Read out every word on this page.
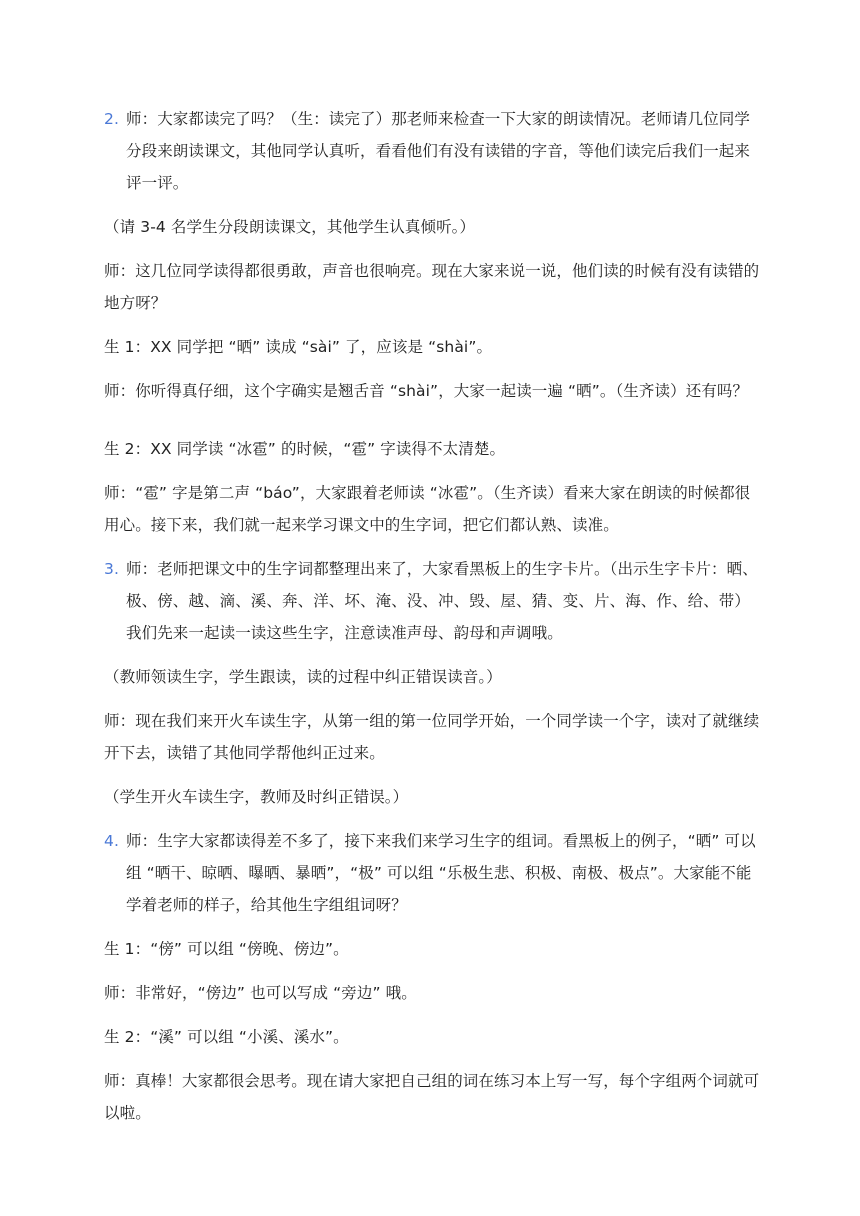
2. 师：大家都读完了吗？（生：读完了）那老师来检查一下大家的朗读情况。老师请几位同学分段来朗读课文，其他同学认真听，看看他们有没有读错的字音，等他们读完后我们一起来评一评。
（请 3-4 名学生分段朗读课文，其他学生认真倾听。）
师：这几位同学读得都很勇敢，声音也很响亮。现在大家来说一说，他们读的时候有没有读错的地方呀？
生 1：XX 同学把 “晒” 读成 “sài” 了，应该是 “shài”。
师：你听得真仔细，这个字确实是翘舌音 “shài”，大家一起读一遍 “晒”。（生齐读）还有吗？
生 2：XX 同学读 “冰雹” 的时候，“雹” 字读得不太清楚。
师：“雹” 字是第二声 “báo”，大家跟着老师读 “冰雹”。（生齐读）看来大家在朗读的时候都很用心。接下来，我们就一起来学习课文中的生字词，把它们都认熟、读准。
3. 师：老师把课文中的生字词都整理出来了，大家看黑板上的生字卡片。（出示生字卡片：晒、极、傍、越、滴、溪、奔、洋、坏、淹、没、冲、毁、屋、猜、变、片、海、作、给、带）我们先来一起读一读这些生字，注意读准声母、韵母和声调哦。
（教师领读生字，学生跟读，读的过程中纠正错误读音。）
师：现在我们来开火车读生字，从第一组的第一位同学开始，一个同学读一个字，读对了就继续开下去，读错了其他同学帮他纠正过来。
（学生开火车读生字，教师及时纠正错误。）
4. 师：生字大家都读得差不多了，接下来我们来学习生字的组词。看黑板上的例子，“晒” 可以组 “晒干、晾晒、曝晒、暴晒”，“极” 可以组 “乐极生悲、积极、南极、极点”。大家能不能学着老师的样子，给其他生字组组词呀？
生 1：“傍” 可以组 “傍晚、傍边”。
师：非常好，“傍边” 也可以写成 “旁边” 哦。
生 2：“溪” 可以组 “小溪、溪水”。
师：真棒！大家都很会思考。现在请大家把自己组的词在练习本上写一写，每个字组两个词就可以啦。
